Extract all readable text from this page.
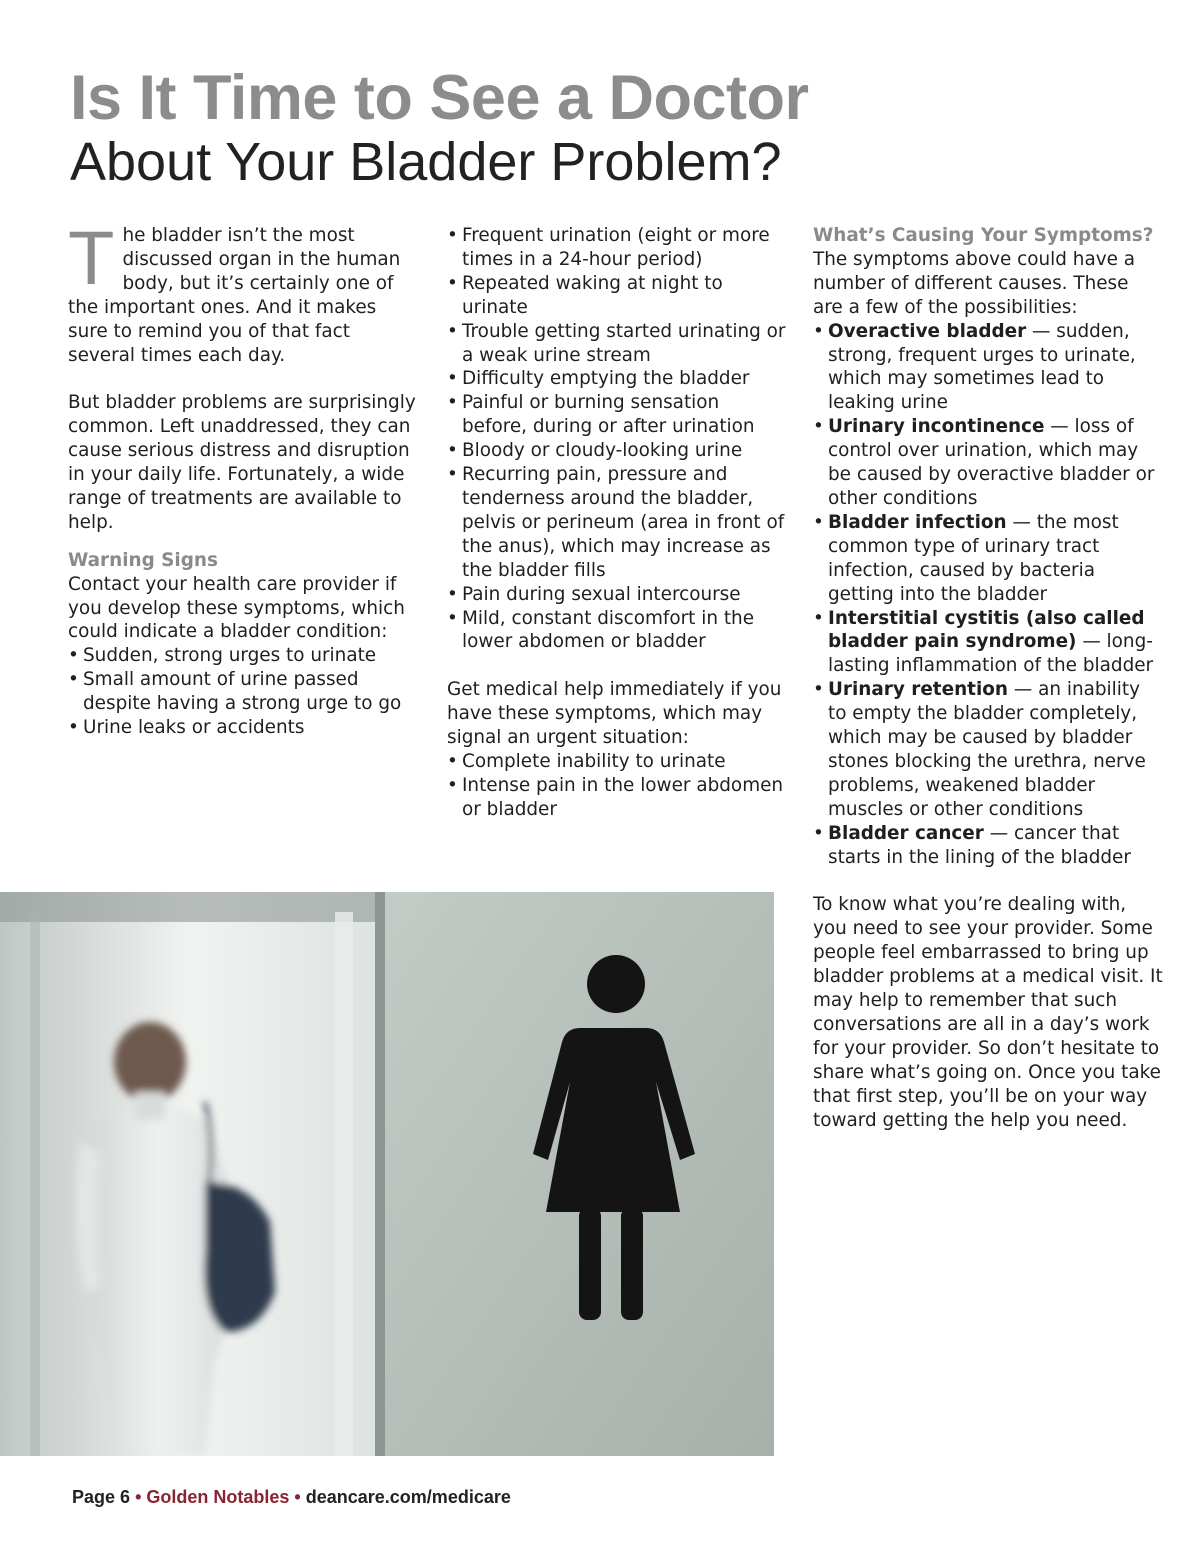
Is It Time to See a Doctor
About Your Bladder Problem?

The bladder isn’t the most discussed organ in the human body, but it’s certainly one of the important ones. And it makes sure to remind you of that fact several times each day.

But bladder problems are surprisingly common. Left unaddressed, they can cause serious distress and disruption in your daily life. Fortunately, a wide range of treatments are available to help.

Warning Signs

Contact your health care provider if you develop these symptoms, which could indicate a bladder condition:

• Sudden, strong urges to urinate
• Small amount of urine passed despite having a strong urge to go
• Urine leaks or accidents
• Frequent urination (eight or more times in a 24-hour period)
• Repeated waking at night to urinate
• Trouble getting started urinating or a weak urine stream
• Difficulty emptying the bladder
• Painful or burning sensation before, during or after urination
• Bloody or cloudy-looking urine
• Recurring pain, pressure and tenderness around the bladder, pelvis or perineum (area in front of the anus), which may increase as the bladder fills
• Pain during sexual intercourse
• Mild, constant discomfort in the lower abdomen or bladder

Get medical help immediately if you have these symptoms, which may signal an urgent situation:

• Complete inability to urinate
• Intense pain in the lower abdomen or bladder

What’s Causing Your Symptoms?

The symptoms above could have a number of different causes. These are a few of the possibilities:

• Overactive bladder — sudden, strong, frequent urges to urinate, which may sometimes lead to leaking urine
• Urinary incontinence — loss of control over urination, which may be caused by overactive bladder or other conditions
• Bladder infection — the most common type of urinary tract infection, caused by bacteria getting into the bladder
• Interstitial cystitis (also called bladder pain syndrome) — long-lasting inflammation of the bladder
• Urinary retention — an inability to empty the bladder completely, which may be caused by bladder stones blocking the urethra, nerve problems, weakened bladder muscles or other conditions
• Bladder cancer — cancer that starts in the lining of the bladder

To know what you’re dealing with, you need to see your provider. Some people feel embarrassed to bring up bladder problems at a medical visit. It may help to remember that such conversations are all in a day’s work for your provider. So don’t hesitate to share what’s going on. Once you take that first step, you’ll be on your way toward getting the help you need.

Page 6 • Golden Notables • deancare.com/medicare
